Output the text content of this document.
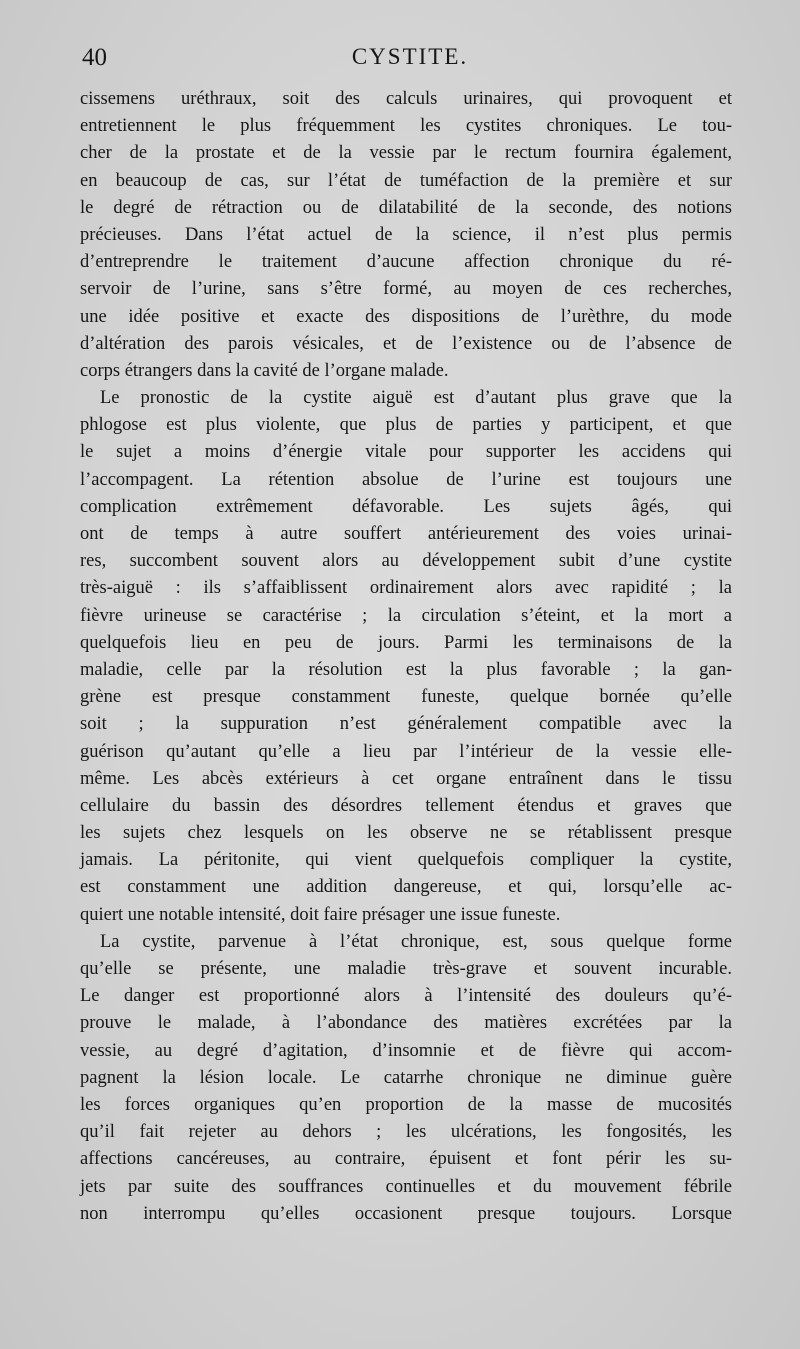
40	CYSTITE.
cissemens uréthraux, soit des calculs urinaires, qui provoquent et
entretiennent le plus fréquemment les cystites chroniques. Le tou-
cher de la prostate et de la vessie par le rectum fournira également,
en beaucoup de cas, sur l’état de tuméfaction de la première et sur
le degré de rétraction ou de dilatabilité de la seconde, des notions
précieuses. Dans l’état actuel de la science, il n’est plus permis
d’entreprendre le traitement d’aucune affection chronique du ré-
servoir de l’urine, sans s’être formé, au moyen de ces recherches,
une idée positive et exacte des dispositions de l’urèthre, du mode
d’altération des parois vésicales, et de l’existence ou de l’absence de
corps étrangers dans la cavité de l’organe malade.
Le pronostic de la cystite aiguë est d’autant plus grave que la
phlogose est plus violente, que plus de parties y participent, et que
le sujet a moins d’énergie vitale pour supporter les accidens qui
l’accompagent. La rétention absolue de l’urine est toujours une
complication extrêmement défavorable. Les sujets âgés, qui
ont de temps à autre souffert antérieurement des voies urinai-
res, succombent souvent alors au développement subit d’une cystite
très-aiguë : ils s’affaiblissent ordinairement alors avec rapidité ; la
fièvre urineuse se caractérise ; la circulation s’éteint, et la mort a
quelquefois lieu en peu de jours. Parmi les terminaisons de la
maladie, celle par la résolution est la plus favorable ; la gan-
grène est presque constamment funeste, quelque bornée qu’elle
soit ; la suppuration n’est généralement compatible avec la
guérison qu’autant qu’elle a lieu par l’intérieur de la vessie elle-
même. Les abcès extérieurs à cet organe entraînent dans le tissu
cellulaire du bassin des désordres tellement étendus et graves que
les sujets chez lesquels on les observe ne se rétablissent presque
jamais. La péritonite, qui vient quelquefois compliquer la cystite,
est constamment une addition dangereuse, et qui, lorsqu’elle ac-
quiert une notable intensité, doit faire présager une issue funeste.
La cystite, parvenue à l’état chronique, est, sous quelque forme
qu’elle se présente, une maladie très-grave et souvent incurable.
Le danger est proportionné alors à l’intensité des douleurs qu’é-
prouve le malade, à l’abondance des matières excrétées par la
vessie, au degré d’agitation, d’insomnie et de fièvre qui accom-
pagnent la lésion locale. Le catarrhe chronique ne diminue guère
les forces organiques qu’en proportion de la masse de mucosités
qu’il fait rejeter au dehors ; les ulcérations, les fongosités, les
affections cancéreuses, au contraire, épuisent et font périr les su-
jets par suite des souffrances continuelles et du mouvement fébrile
non interrompu qu’elles occasionent presque toujours. Lorsque
